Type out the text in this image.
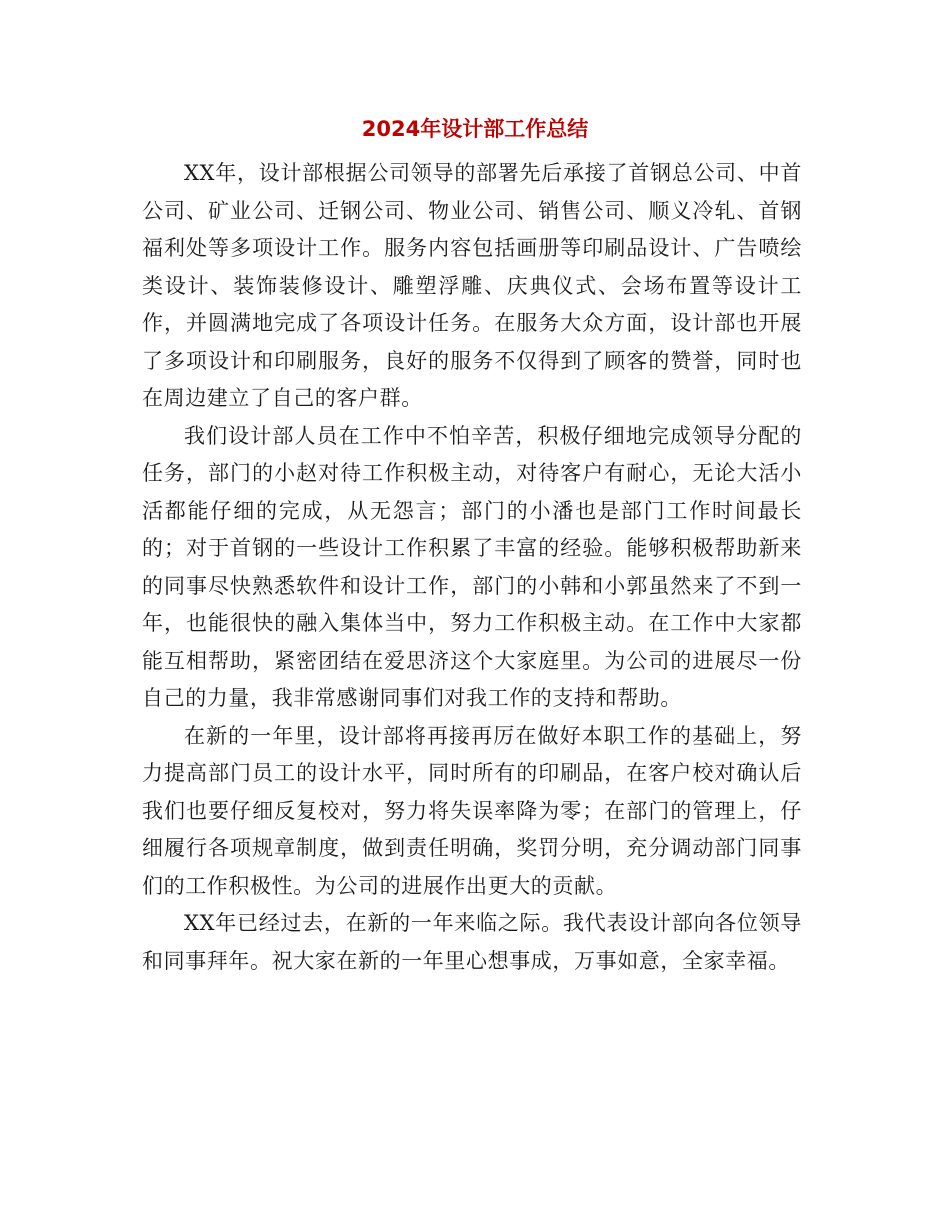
2024年设计部工作总结

XX年，设计部根据公司领导的部署先后承接了首钢总公司、中首公司、矿业公司、迁钢公司、物业公司、销售公司、顺义冷轧、首钢福利处等多项设计工作。服务内容包括画册等印刷品设计、广告喷绘类设计、装饰装修设计、雕塑浮雕、庆典仪式、会场布置等设计工作，并圆满地完成了各项设计任务。在服务大众方面，设计部也开展了多项设计和印刷服务，良好的服务不仅得到了顾客的赞誉，同时也在周边建立了自己的客户群。

我们设计部人员在工作中不怕辛苦，积极仔细地完成领导分配的任务，部门的小赵对待工作积极主动，对待客户有耐心，无论大活小活都能仔细的完成，从无怨言；部门的小潘也是部门工作时间最长的；对于首钢的一些设计工作积累了丰富的经验。能够积极帮助新来的同事尽快熟悉软件和设计工作，部门的小韩和小郭虽然来了不到一年，也能很快的融入集体当中，努力工作积极主动。在工作中大家都能互相帮助，紧密团结在爱思济这个大家庭里。为公司的进展尽一份自己的力量，我非常感谢同事们对我工作的支持和帮助。

在新的一年里，设计部将再接再厉在做好本职工作的基础上，努力提高部门员工的设计水平，同时所有的印刷品，在客户校对确认后我们也要仔细反复校对，努力将失误率降为零；在部门的管理上，仔细履行各项规章制度，做到责任明确，奖罚分明，充分调动部门同事们的工作积极性。为公司的进展作出更大的贡献。

XX年已经过去，在新的一年来临之际。我代表设计部向各位领导和同事拜年。祝大家在新的一年里心想事成，万事如意，全家幸福。
